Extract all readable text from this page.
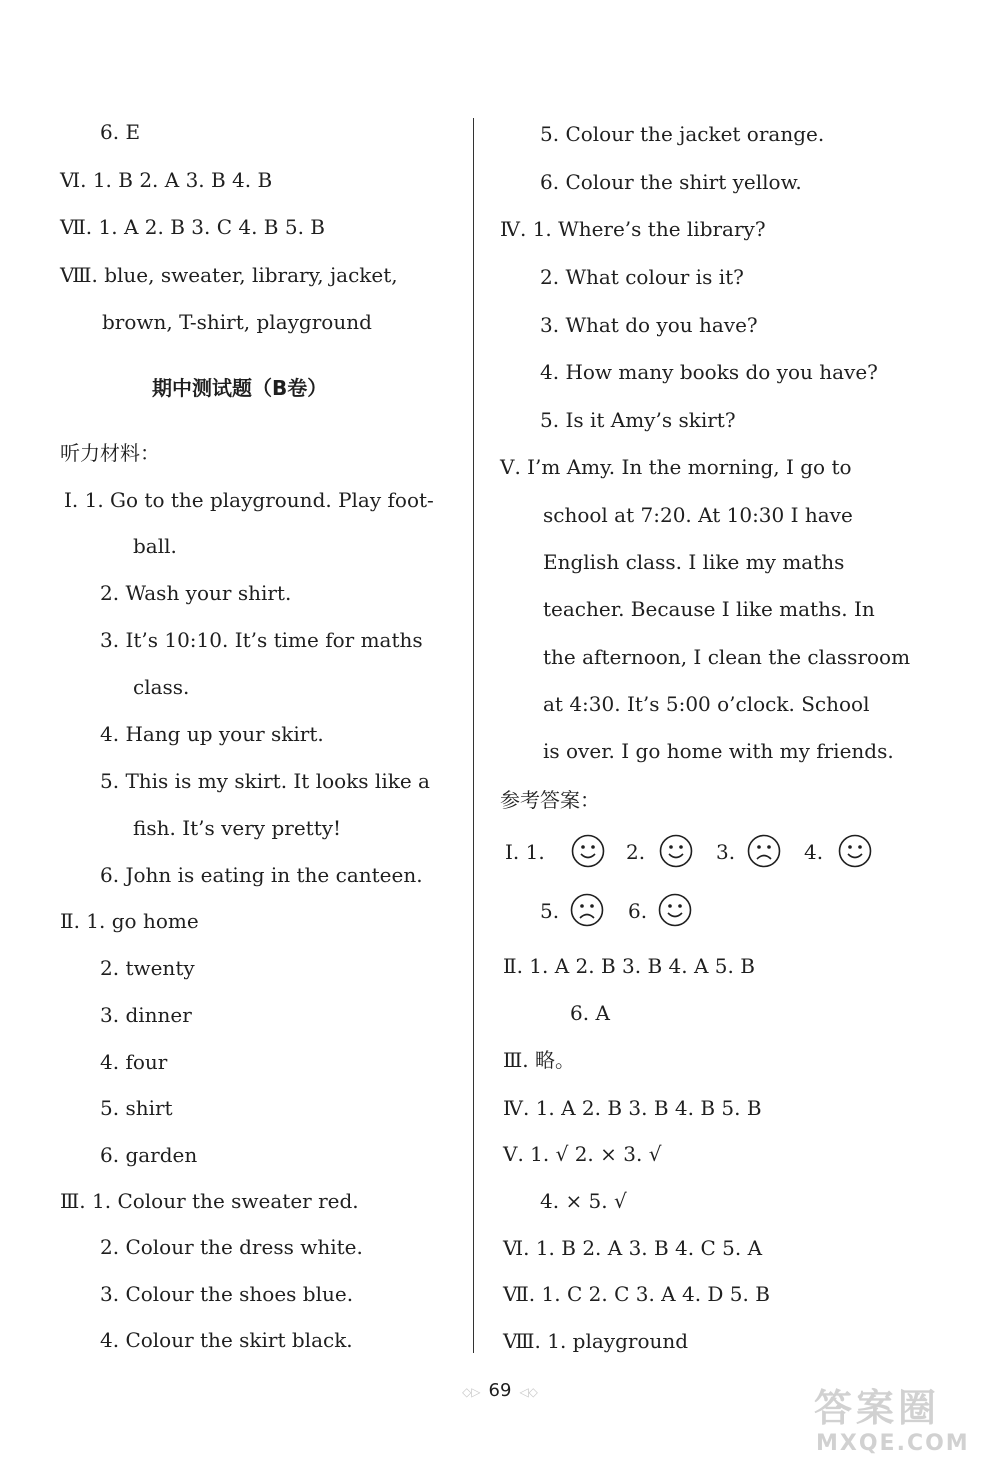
6. E
Ⅵ. 1. B 2. A 3. B 4. B
Ⅶ. 1. A 2. B 3. C 4. B 5. B
Ⅷ. blue, sweater, library, jacket,
brown, T-shirt, playground
期中测试题（B卷）
听力材料：
Ⅰ. 1. Go to the playground. Play foot-
ball.
2. Wash your shirt.
3. It’s 10:10. It’s time for maths
class.
4. Hang up your skirt.
5. This is my skirt. It looks like a
fish. It’s very pretty!
6. John is eating in the canteen.
Ⅱ. 1. go home
2. twenty
3. dinner
4. four
5. shirt
6. garden
Ⅲ. 1. Colour the sweater red.
2. Colour the dress white.
3. Colour the shoes blue.
4. Colour the skirt black.
5. Colour the jacket orange.
6. Colour the shirt yellow.
Ⅳ. 1. Where’s the library?
2. What colour is it?
3. What do you have?
4. How many books do you have?
5. Is it Amy’s skirt?
Ⅴ. I’m Amy. In the morning, I go to
school at 7:20. At 10:30 I have
English class. I like my maths
teacher. Because I like maths. In
the afternoon, I clean the classroom
at 4:30. It’s 5:00 o’clock. School
is over. I go home with my friends.
参考答案：
Ⅰ. 1.	2.	3.	4.
5.	6.
Ⅱ. 1. A 2. B 3. B 4. A 5. B
6. A
Ⅲ. 略。
Ⅳ. 1. A 2. B 3. B 4. B 5. B
Ⅴ. 1. √ 2. × 3. √
4. × 5. √
Ⅵ. 1. B 2. A 3. B 4. C 5. A
Ⅶ. 1. C 2. C 3. A 4. D 5. B
Ⅷ. 1. playground
◇▷ 69 ◁◇	答案圈
MXQE.COM
